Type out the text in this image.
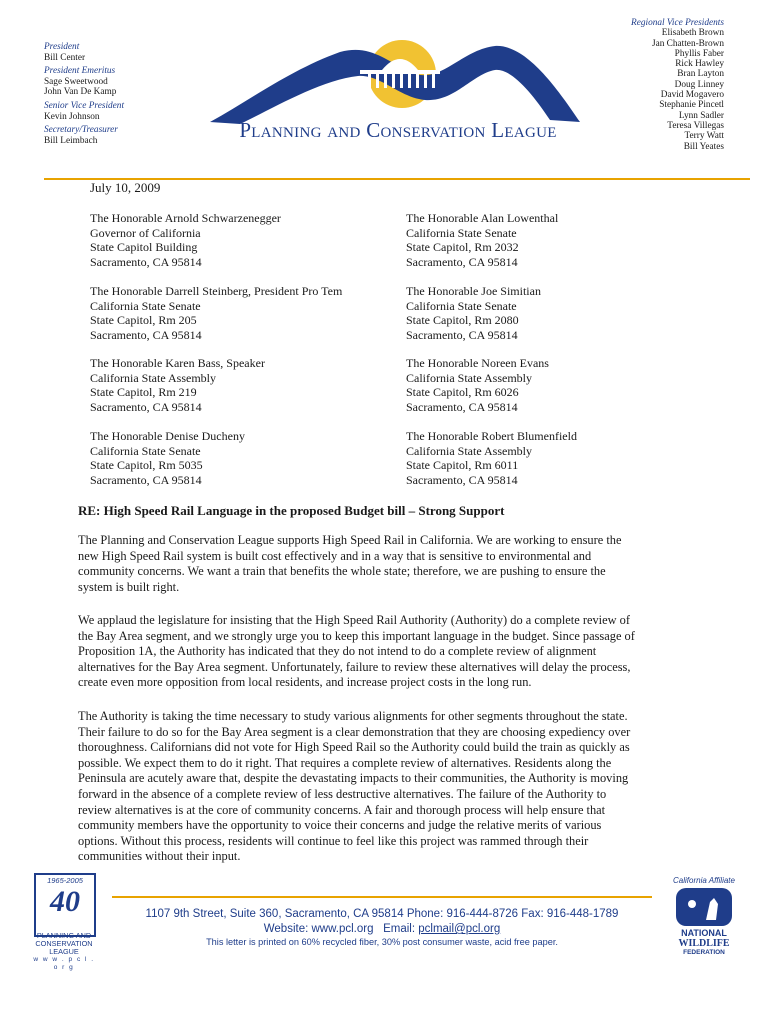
President
Bill Center
President Emeritus
Sage Sweetwood
John Van De Kamp
Senior Vice President
Kevin Johnson
Secretary/Treasurer
Bill Leimbach
Regional Vice Presidents
Elisabeth Brown
Jan Chatten-Brown
Phyllis Faber
Rick Hawley
Bran Layton
Doug Linney
David Mogavero
Stephanie Pincetl
Lynn Sadler
Teresa Villegas
Terry Watt
Bill Yeates
Planning and Conservation League
July 10, 2009
The Honorable Arnold Schwarzenegger
Governor of California
State Capitol Building
Sacramento, CA 95814
The Honorable Darrell Steinberg, President Pro Tem
California State Senate
State Capitol, Rm 205
Sacramento, CA 95814
The Honorable Karen Bass, Speaker
California State Assembly
State Capitol, Rm 219
Sacramento, CA 95814
The Honorable Denise Ducheny
California State Senate
State Capitol, Rm 5035
Sacramento, CA 95814
The Honorable Alan Lowenthal
California State Senate
State Capitol, Rm 2032
Sacramento, CA 95814
The Honorable Joe Simitian
California State Senate
State Capitol, Rm 2080
Sacramento, CA 95814
The Honorable Noreen Evans
California State Assembly
State Capitol, Rm 6026
Sacramento, CA 95814
The Honorable Robert Blumenfield
California State Assembly
State Capitol, Rm 6011
Sacramento, CA 95814
RE: High Speed Rail Language in the proposed Budget bill – Strong Support
The Planning and Conservation League supports High Speed Rail in California. We are working to ensure the
new High Speed Rail system is built cost effectively and in a way that is sensitive to environmental and
community concerns. We want a train that benefits the whole state; therefore, we are pushing to ensure the
system is built right.
We applaud the legislature for insisting that the High Speed Rail Authority (Authority) do a complete review of
the Bay Area segment, and we strongly urge you to keep this important language in the budget. Since passage of
Proposition 1A, the Authority has indicated that they do not intend to do a complete review of alignment
alternatives for the Bay Area segment. Unfortunately, failure to review these alternatives will delay the process,
create even more opposition from local residents, and increase project costs in the long run.
The Authority is taking the time necessary to study various alignments for other segments throughout the state.
Their failure to do so for the Bay Area segment is a clear demonstration that they are choosing expediency over
thoroughness. Californians did not vote for High Speed Rail so the Authority could build the train as quickly as
possible. We expect them to do it right. That requires a complete review of alternatives. Residents along the
Peninsula are acutely aware that, despite the devastating impacts to their communities, the Authority is moving
forward in the absence of a complete review of less destructive alternatives. The failure of the Authority to
review alternatives is at the core of community concerns. A fair and thorough process will help ensure that
community members have the opportunity to voice their concerns and judge the relative merits of various
options. Without this process, residents will continue to feel like this project was rammed through their
communities without their input.
1965-2005
40
PLANNING AND
CONSERVATION
LEAGUE
w w w . p c l . o r g
1107 9th Street, Suite 360, Sacramento, CA 95814 Phone: 916-444-8726 Fax: 916-448-1789
Website: www.pcl.org Email: pclmail@pcl.org
This letter is printed on 60% recycled fiber, 30% post consumer waste, acid free paper.
California Affiliate
NATIONAL
WILDLIFE
FEDERATION
